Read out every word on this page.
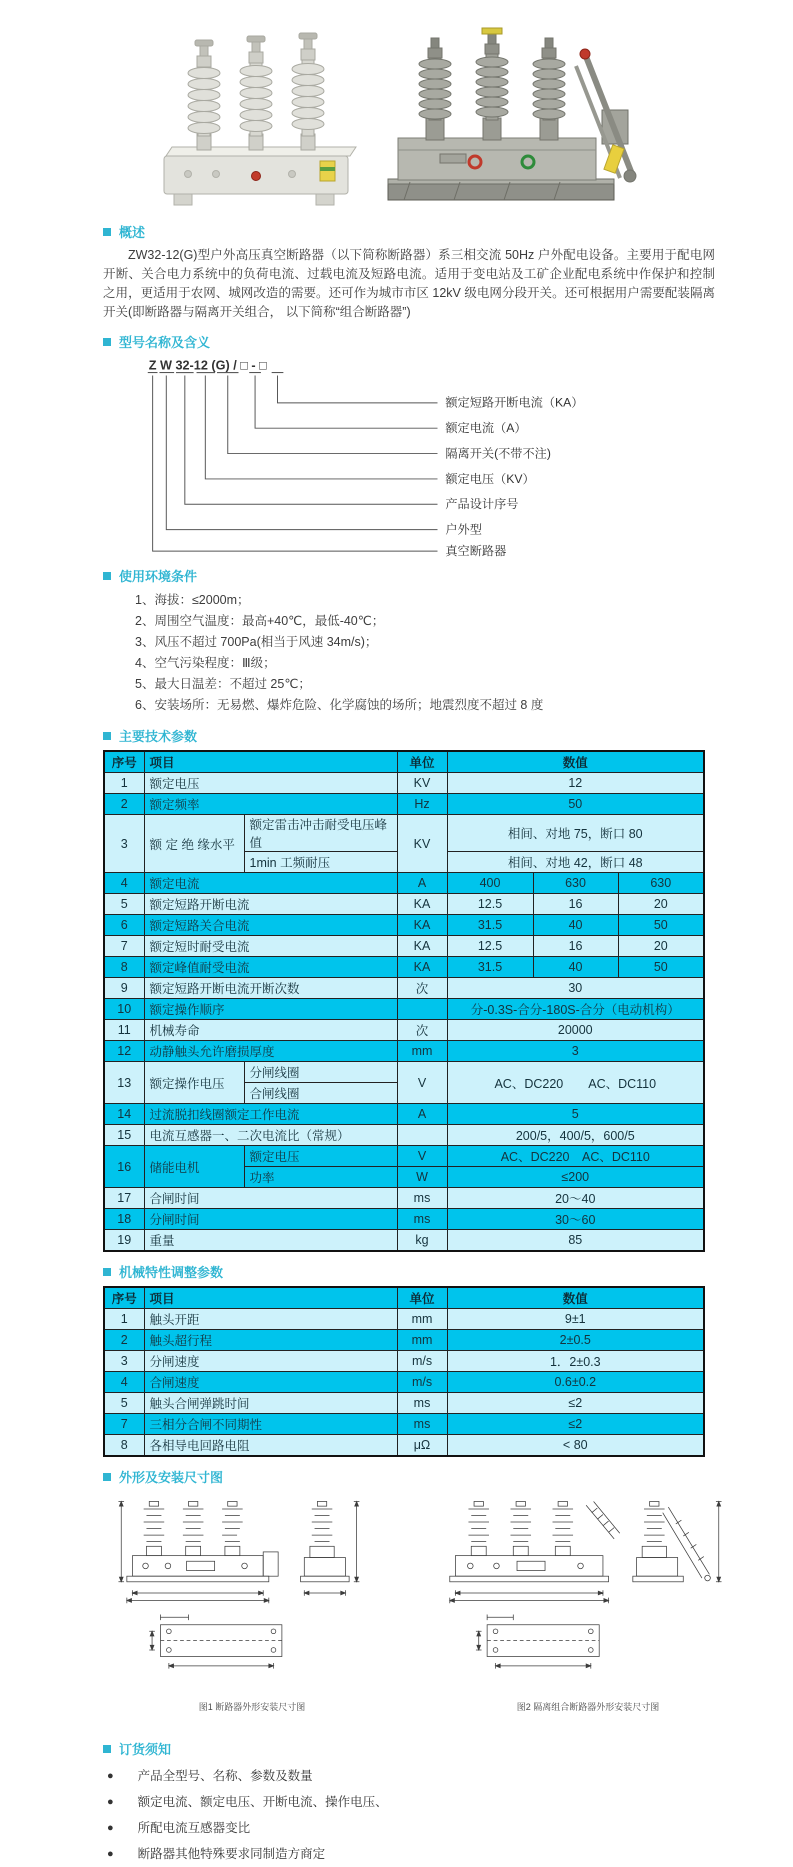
概述
ZW32-12(G)型户外高压真空断路器（以下简称断路器）系三相交流 50Hz 户外配电设备。主要用于配电网开断、关合电力系统中的负荷电流、过载电流及短路电流。适用于变电站及工矿企业配电系统中作保护和控制之用，更适用于农网、城网改造的需要。还可作为城市市区 12kV 级电网分段开关。还可根据用户需要配装隔离开关(即断路器与隔离开关组合， 以下简称“组合断路器”)
型号名称及含义
Z W 32-12 (G) / □ - □
额定短路开断电流（KA）
额定电流（A）
隔离开关(不带不注)
额定电压（KV）
产品设计序号
户外型
真空断路器
使用环境条件
1、海拔：≤2000m；
2、周围空气温度：最高+40℃，最低-40℃；
3、风压不超过 700Pa(相当于风速 34m/s)；
4、空气污染程度：Ⅲ级；
5、最大日温差：不超过 25℃；
6、安装场所：无易燃、爆炸危险、化学腐蚀的场所；地震烈度不超过 8 度
主要技术参数
序号	项目		单位	数值		
1	额定电压		KV	12		
2	额定频率		Hz	50		
3	额 定 绝 缘水平	额定雷击冲击耐受电压峰值	KV	相间、对地 75，断口 80		
		1min 工频耐压		相间、对地 42，断口 48		
4	额定电流		A	400	630	630
5	额定短路开断电流		KA	12.5	16	20
6	额定短路关合电流		KA	31.5	40	50
7	额定短时耐受电流		KA	12.5	16	20
8	额定峰值耐受电流		KA	31.5	40	50
9	额定短路开断电流开断次数		次	30		
10	额定操作顺序			分-0.3S-合分-180S-合分（电动机构）		
11	机械寿命		次	20000		
12	动静触头允许磨损厚度		mm	3		
13	额定操作电压	分闸线圈	V	AC、DC220　　AC、DC110		
		合闸线圈				
14	过流脱扣线圈额定工作电流		A	5		
15	电流互感器一、二次电流比（常规）			200/5，400/5，600/5		
16	储能电机	额定电压	V	AC、DC220　AC、DC110		
		功率	W	≤200		
17	合闸时间		ms	20～40		
18	分闸时间		ms	30～60		
19	重量		kg	85		
机械特性调整参数
序号	项目	单位	数值
1	触头开距	mm	9±1
2	触头超行程	mm	2±0.5
3	分闸速度	m/s	1．2±0.3
4	合闸速度	m/s	0.6±0.2
5	触头合闸弹跳时间	ms	≤2
7	三相分合闸不同期性	ms	≤2
8	各相导电回路电阻	μΩ	< 80
外形及安装尺寸图
图1 断路器外形安装尺寸图	图2 隔离组合断路器外形安装尺寸图
订货须知
● 产品全型号、名称、参数及数量
● 额定电流、额定电压、开断电流、操作电压、
● 所配电流互感器变比
● 断路器其他特殊要求同制造方商定
